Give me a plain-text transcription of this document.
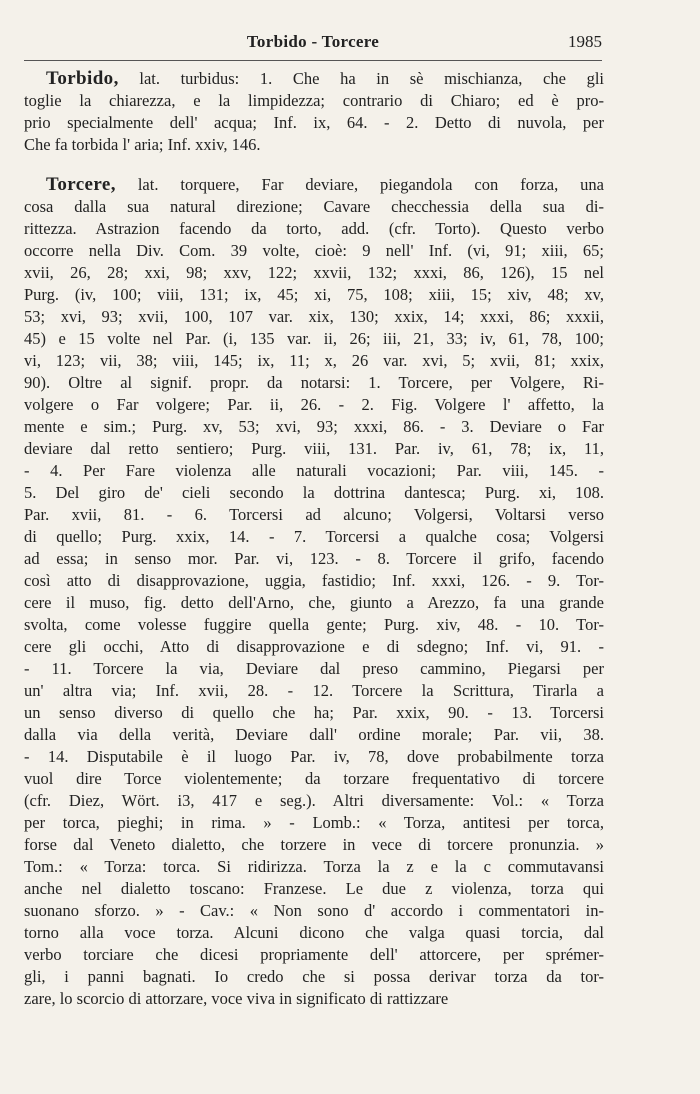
Torbido - Torcere	1985
Torbido, lat. turbidus: 1. Che ha in sè mischianza, che gli
toglie la chiarezza, e la limpidezza; contrario di Chiaro; ed è pro-
prio specialmente dell' acqua; Inf. ix, 64. - 2. Detto di nuvola, per
Che fa torbida l' aria; Inf. xxiv, 146.
Torcere, lat. torquere, Far deviare, piegandola con forza, una
cosa dalla sua natural direzione; Cavare checchessia della sua di-
rittezza. Astrazion facendo da torto, add. (cfr. Torto). Questo verbo
occorre nella Div. Com. 39 volte, cioè: 9 nell' Inf. (vi, 91; xiii, 65;
xvii, 26, 28; xxi, 98; xxv, 122; xxvii, 132; xxxi, 86, 126), 15 nel
Purg. (iv, 100; viii, 131; ix, 45; xi, 75, 108; xiii, 15; xiv, 48; xv,
53; xvi, 93; xvii, 100, 107 var. xix, 130; xxix, 14; xxxi, 86; xxxii,
45) e 15 volte nel Par. (i, 135 var. ii, 26; iii, 21, 33; iv, 61, 78, 100;
vi, 123; vii, 38; viii, 145; ix, 11; x, 26 var. xvi, 5; xvii, 81; xxix,
90). Oltre al signif. propr. da notarsi: 1. Torcere, per Volgere, Ri-
volgere o Far volgere; Par. ii, 26. - 2. Fig. Volgere l' affetto, la
mente e sim.; Purg. xv, 53; xvi, 93; xxxi, 86. - 3. Deviare o Far
deviare dal retto sentiero; Purg. viii, 131. Par. iv, 61, 78; ix, 11,
- 4. Per Fare violenza alle naturali vocazioni; Par. viii, 145. -
5. Del giro de' cieli secondo la dottrina dantesca; Purg. xi, 108.
Par. xvii, 81. - 6. Torcersi ad alcuno; Volgersi, Voltarsi verso
di quello; Purg. xxix, 14. - 7. Torcersi a qualche cosa; Volgersi
ad essa; in senso mor. Par. vi, 123. - 8. Torcere il grifo, facendo
così atto di disapprovazione, uggia, fastidio; Inf. xxxi, 126. - 9. Tor-
cere il muso, fig. detto dell'Arno, che, giunto a Arezzo, fa una grande
svolta, come volesse fuggire quella gente; Purg. xiv, 48. - 10. Tor-
cere gli occhi, Atto di disapprovazione e di sdegno; Inf. vi, 91. -
- 11. Torcere la via, Deviare dal preso cammino, Piegarsi per
un' altra via; Inf. xvii, 28. - 12. Torcere la Scrittura, Tirarla a
un senso diverso di quello che ha; Par. xxix, 90. - 13. Torcersi
dalla via della verità, Deviare dall' ordine morale; Par. vii, 38.
- 14. Disputabile è il luogo Par. iv, 78, dove probabilmente torza
vuol dire Torce violentemente; da torzare frequentativo di torcere
(cfr. Diez, Wört. i3, 417 e seg.). Altri diversamente: Vol.: « Torza
per torca, pieghi; in rima. » - Lomb.: « Torza, antitesi per torca,
forse dal Veneto dialetto, che torzere in vece di torcere pronunzia. »
Tom.: « Torza: torca. Si ridirizza. Torza la z e la c commutavansi
anche nel dialetto toscano: Franzese. Le due z violenza, torza qui
suonano sforzo. » - Cav.: « Non sono d' accordo i commentatori in-
torno alla voce torza. Alcuni dicono che valga quasi torcia, dal
verbo torciare che dicesi propriamente dell' attorcere, per sprémer-
gli, i panni bagnati. Io credo che si possa derivar torza da tor-
zare, lo scorcio di attorzare, voce viva in significato di rattizzare
